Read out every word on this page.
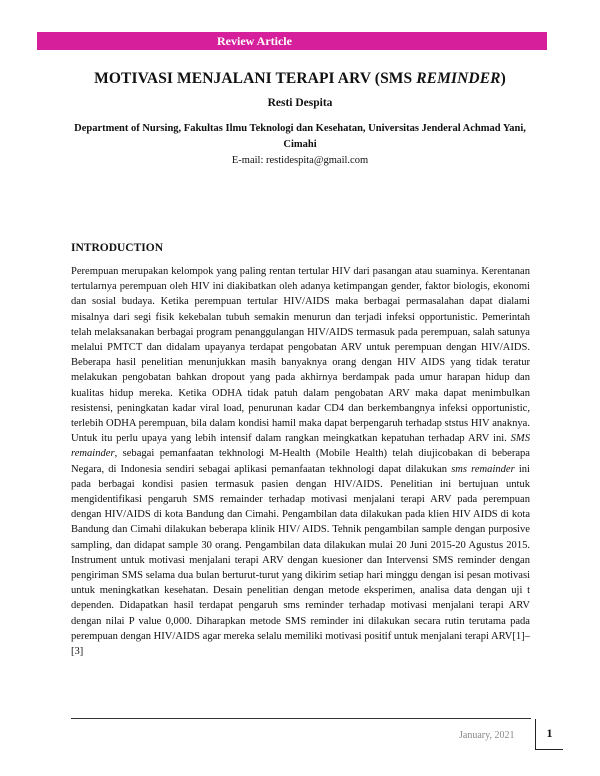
Review Article
MOTIVASI MENJALANI TERAPI ARV (SMS REMINDER)
Resti Despita
Department of Nursing, Fakultas Ilmu Teknologi dan Kesehatan, Universitas Jenderal Achmad Yani, Cimahi
E-mail: restidespita@gmail.com
INTRODUCTION

Perempuan merupakan kelompok yang paling rentan tertular HIV dari pasangan atau suaminya. Kerentanan tertularnya perempuan oleh HIV ini diakibatkan oleh adanya ketimpangan gender, faktor biologis, ekonomi dan sosial budaya. Ketika perempuan tertular HIV/AIDS maka berbagai permasalahan dapat dialami misalnya dari segi fisik kekebalan tubuh semakin menurun dan terjadi infeksi opportunistic. Pemerintah telah melaksanakan berbagai program penanggulangan HIV/AIDS termasuk pada perempuan, salah satunya melalui PMTCT dan didalam upayanya terdapat pengobatan ARV untuk perempuan dengan HIV/AIDS. Beberapa hasil penelitian menunjukkan masih banyaknya orang dengan HIV AIDS yang tidak teratur melakukan pengobatan bahkan dropout yang pada akhirnya berdampak pada umur harapan hidup dan kualitas hidup mereka. Ketika ODHA tidak patuh dalam pengobatan ARV maka dapat menimbulkan resistensi, peningkatan kadar viral load, penurunan kadar CD4 dan berkembangnya infeksi opportunistic, terlebih ODHA perempuan, bila dalam kondisi hamil maka dapat berpengaruh terhadap ststus HIV anaknya. Untuk itu perlu upaya yang lebih intensif dalam rangkan meingkatkan kepatuhan terhadap ARV ini. SMS remainder, sebagai pemanfaatan tekhnologi M-Health (Mobile Health) telah diujicobakan di beberapa Negara, di Indonesia sendiri sebagai aplikasi pemanfaatan tekhnologi dapat dilakukan sms remainder ini pada berbagai kondisi pasien termasuk pasien dengan HIV/AIDS. Penelitian ini bertujuan untuk mengidentifikasi pengaruh SMS remainder terhadap motivasi menjalani terapi ARV pada perempuan dengan HIV/AIDS di kota Bandung dan Cimahi. Pengambilan data dilakukan pada klien HIV AIDS di kota Bandung dan Cimahi dilakukan beberapa klinik HIV/ AIDS. Tehnik pengambilan sample dengan purposive sampling, dan didapat sample 30 orang. Pengambilan data dilakukan mulai 20 Juni 2015-20 Agustus 2015. Instrument untuk motivasi menjalani terapi ARV dengan kuesioner dan Intervensi SMS reminder dengan pengiriman SMS selama dua bulan berturut-turut yang dikirim setiap hari minggu dengan isi pesan motivasi untuk meningkatkan kesehatan. Desain penelitian dengan metode eksperimen, analisa data dengan uji t dependen. Didapatkan hasil terdapat pengaruh sms reminder terhadap motivasi menjalani terapi ARV dengan nilai P value 0,000. Diharapkan metode SMS reminder ini dilakukan secara rutin terutama pada perempuan dengan HIV/AIDS agar mereka selalu memiliki motivasi positif untuk menjalani terapi ARV[1]–[3]

January, 2021	1
